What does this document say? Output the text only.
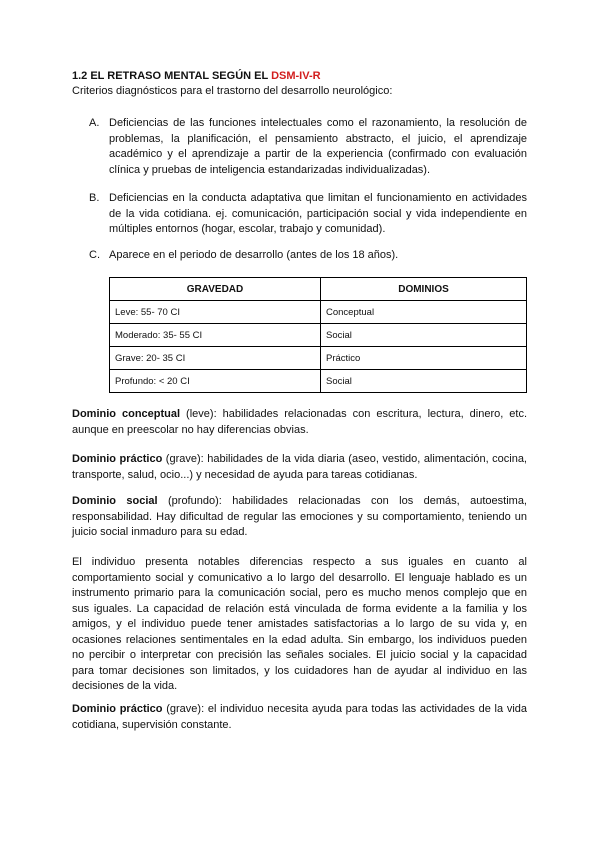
1.2 EL RETRASO MENTAL SEGÚN EL DSM-IV-R

Criterios diagnósticos para el trastorno del desarrollo neurológico:

A. Deficiencias de las funciones intelectuales como el razonamiento, la resolución de problemas, la planificación, el pensamiento abstracto, el juicio, el aprendizaje académico y el aprendizaje a partir de la experiencia (confirmado con evaluación clínica y pruebas de inteligencia estandarizadas individualizadas).
B. Deficiencias en la conducta adaptativa que limitan el funcionamiento en actividades de la vida cotidiana. ej. comunicación, participación social y vida independiente en múltiples entornos (hogar, escolar, trabajo y comunidad).
C. Aparece en el periodo de desarrollo (antes de los 18 años).
GRAVEDAD	DOMINIOS
Leve: 55- 70 CI	Conceptual
Moderado: 35- 55 CI	Social
Grave: 20- 35 CI	Práctico
Profundo: < 20 CI	Social

Dominio conceptual (leve): habilidades relacionadas con escritura, lectura, dinero, etc. aunque en preescolar no hay diferencias obvias.

Dominio práctico (grave): habilidades de la vida diaria (aseo, vestido, alimentación, cocina, transporte, salud, ocio...) y necesidad de ayuda para tareas cotidianas.

Dominio social (profundo): habilidades relacionadas con los demás, autoestima, responsabilidad. Hay dificultad de regular las emociones y su comportamiento, teniendo un juicio social inmaduro para su edad.

El individuo presenta notables diferencias respecto a sus iguales en cuanto al comportamiento social y comunicativo a lo largo del desarrollo. El lenguaje hablado es un instrumento primario para la comunicación social, pero es mucho menos complejo que en sus iguales. La capacidad de relación está vinculada de forma evidente a la familia y los amigos, y el individuo puede tener amistades satisfactorias a lo largo de su vida y, en ocasiones relaciones sentimentales en la edad adulta. Sin embargo, los individuos pueden no percibir o interpretar con precisión las señales sociales. El juicio social y la capacidad para tomar decisiones son limitados, y los cuidadores han de ayudar al individuo en las decisiones de la vida.

Dominio práctico (grave): el individuo necesita ayuda para todas las actividades de la vida cotidiana, supervisión constante.
